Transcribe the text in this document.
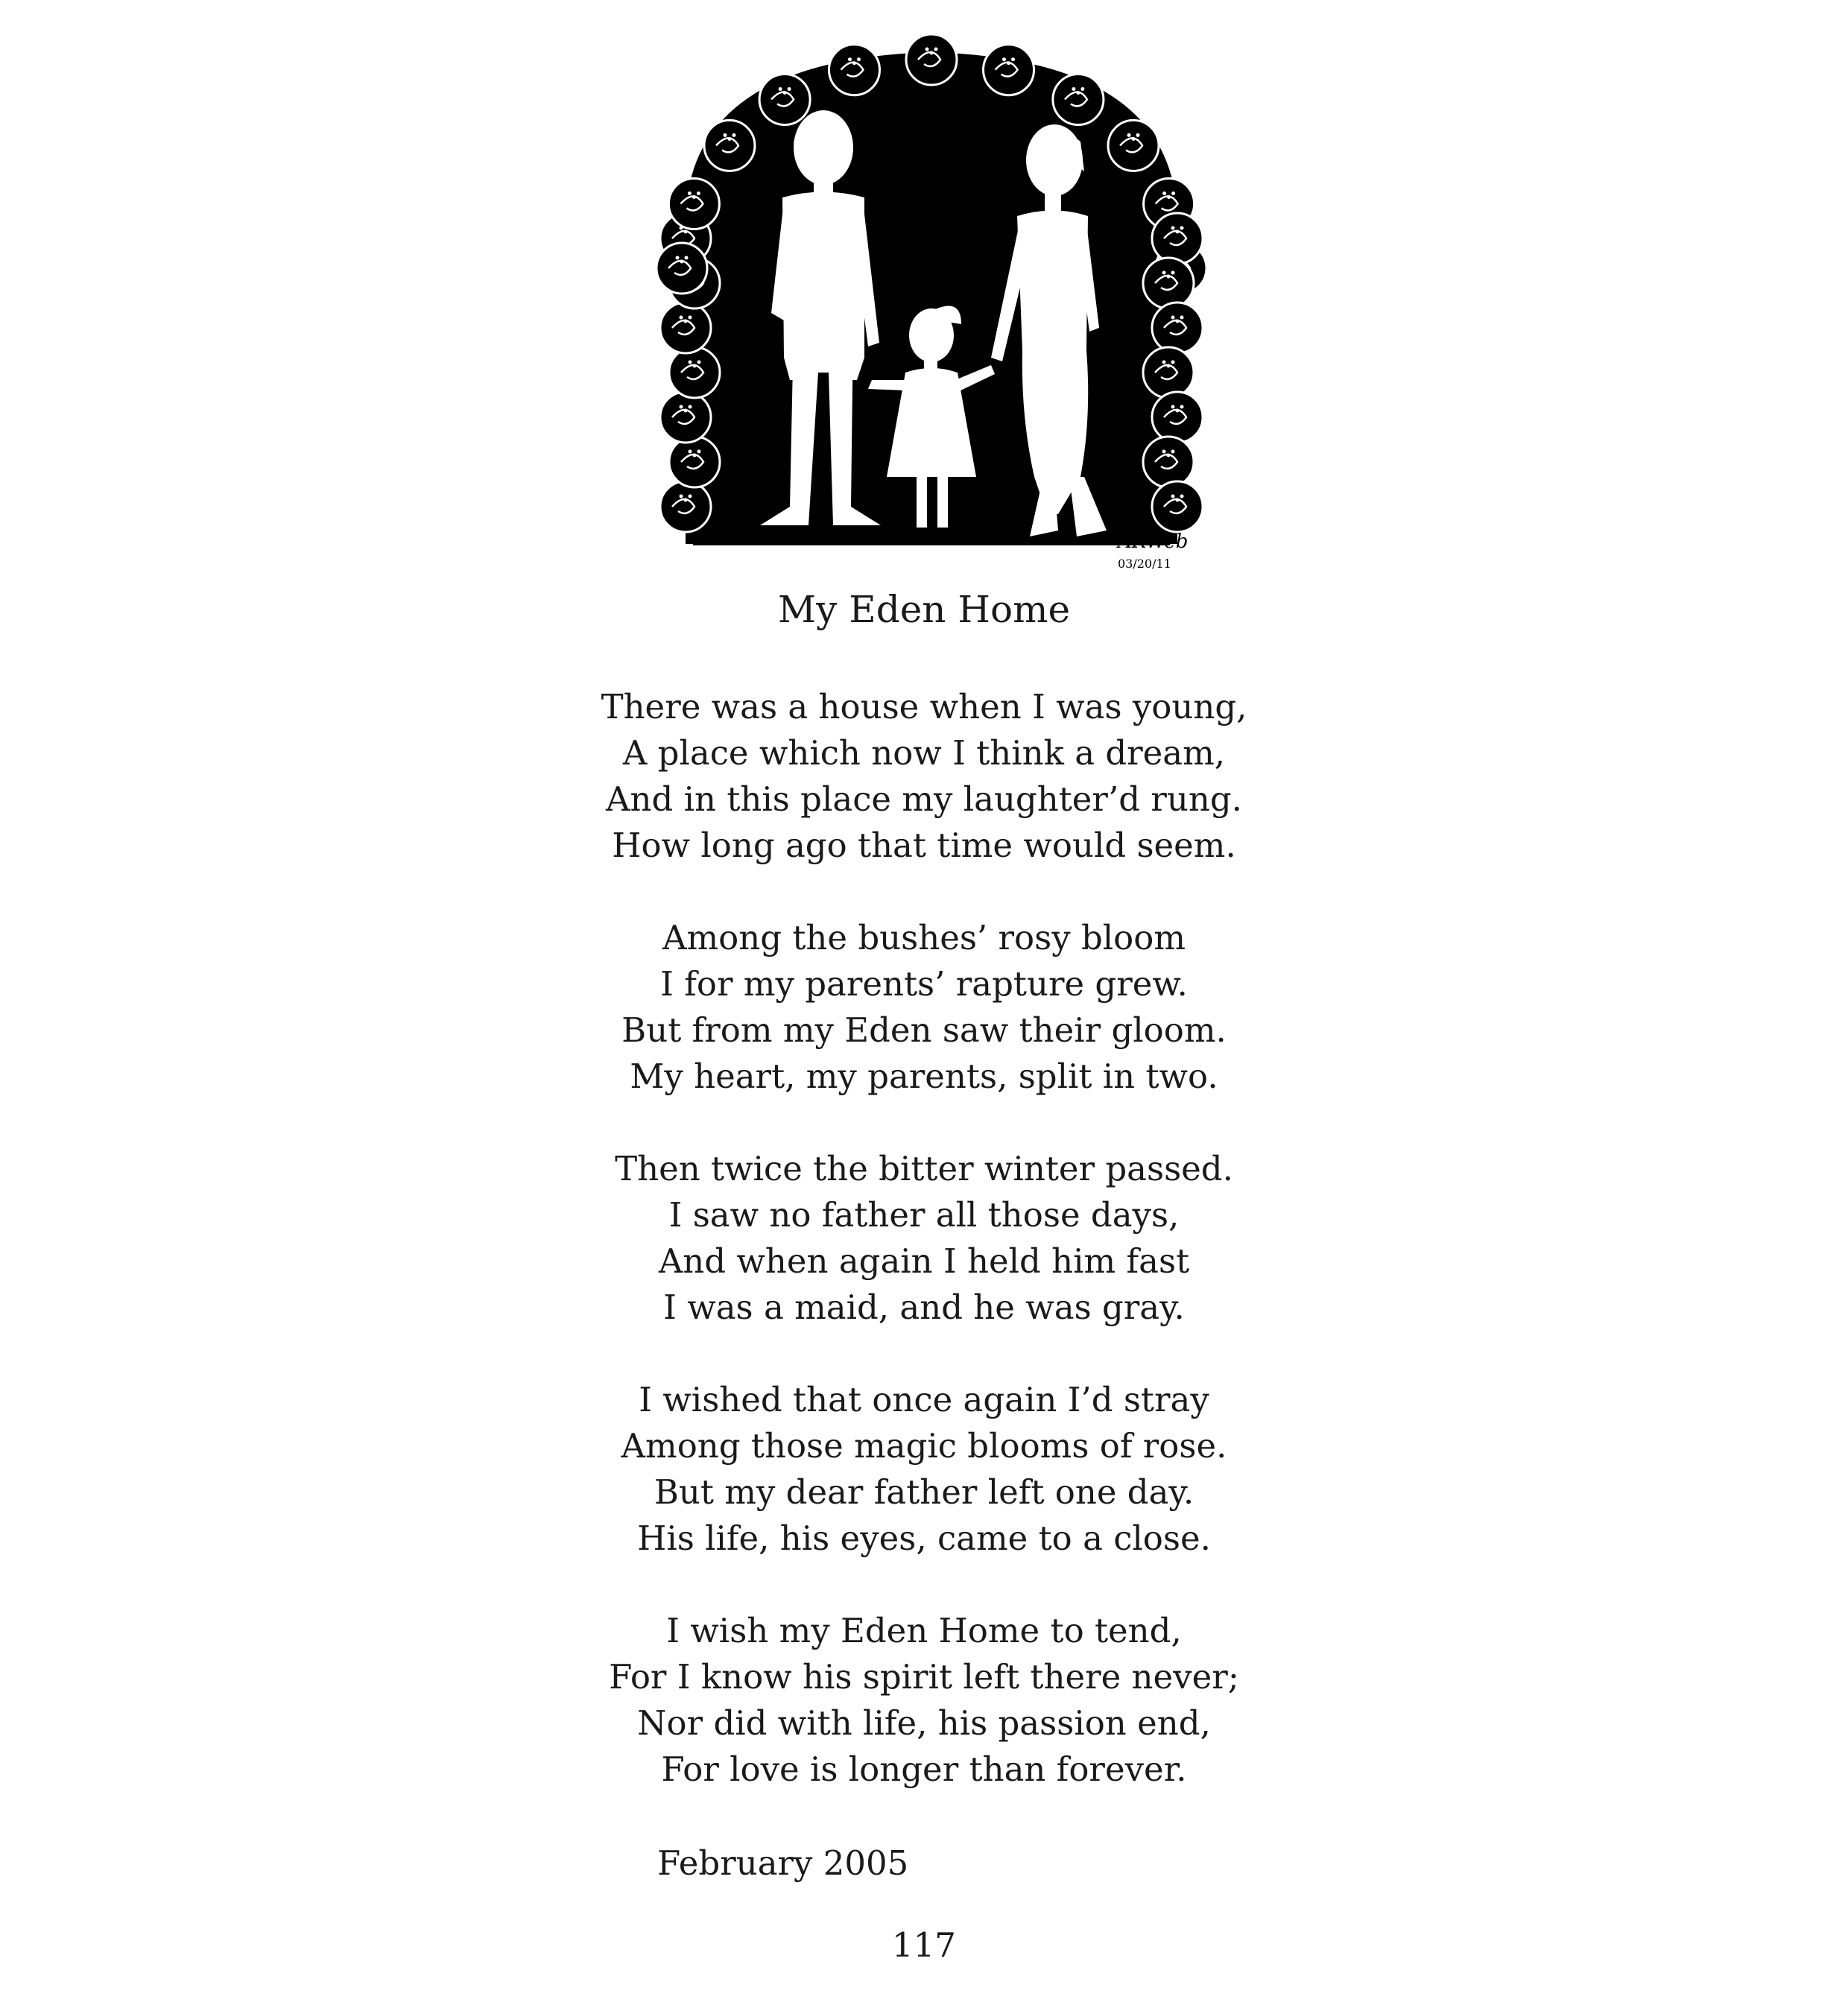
ARWeb
03/20/11
My Eden Home
There was a house when I was young,
A place which now I think a dream,
And in this place my laughter’d rung.
How long ago that time would seem.
Among the bushes’ rosy bloom
I for my parents’ rapture grew.
But from my Eden saw their gloom.
My heart, my parents, split in two.
Then twice the bitter winter passed.
I saw no father all those days,
And when again I held him fast
I was a maid, and he was gray.
I wished that once again I’d stray
Among those magic blooms of rose.
But my dear father left one day.
His life, his eyes, came to a close.
I wish my Eden Home to tend,
For I know his spirit left there never;
Nor did with life, his passion end,
For love is longer than forever.
February 2005
117
